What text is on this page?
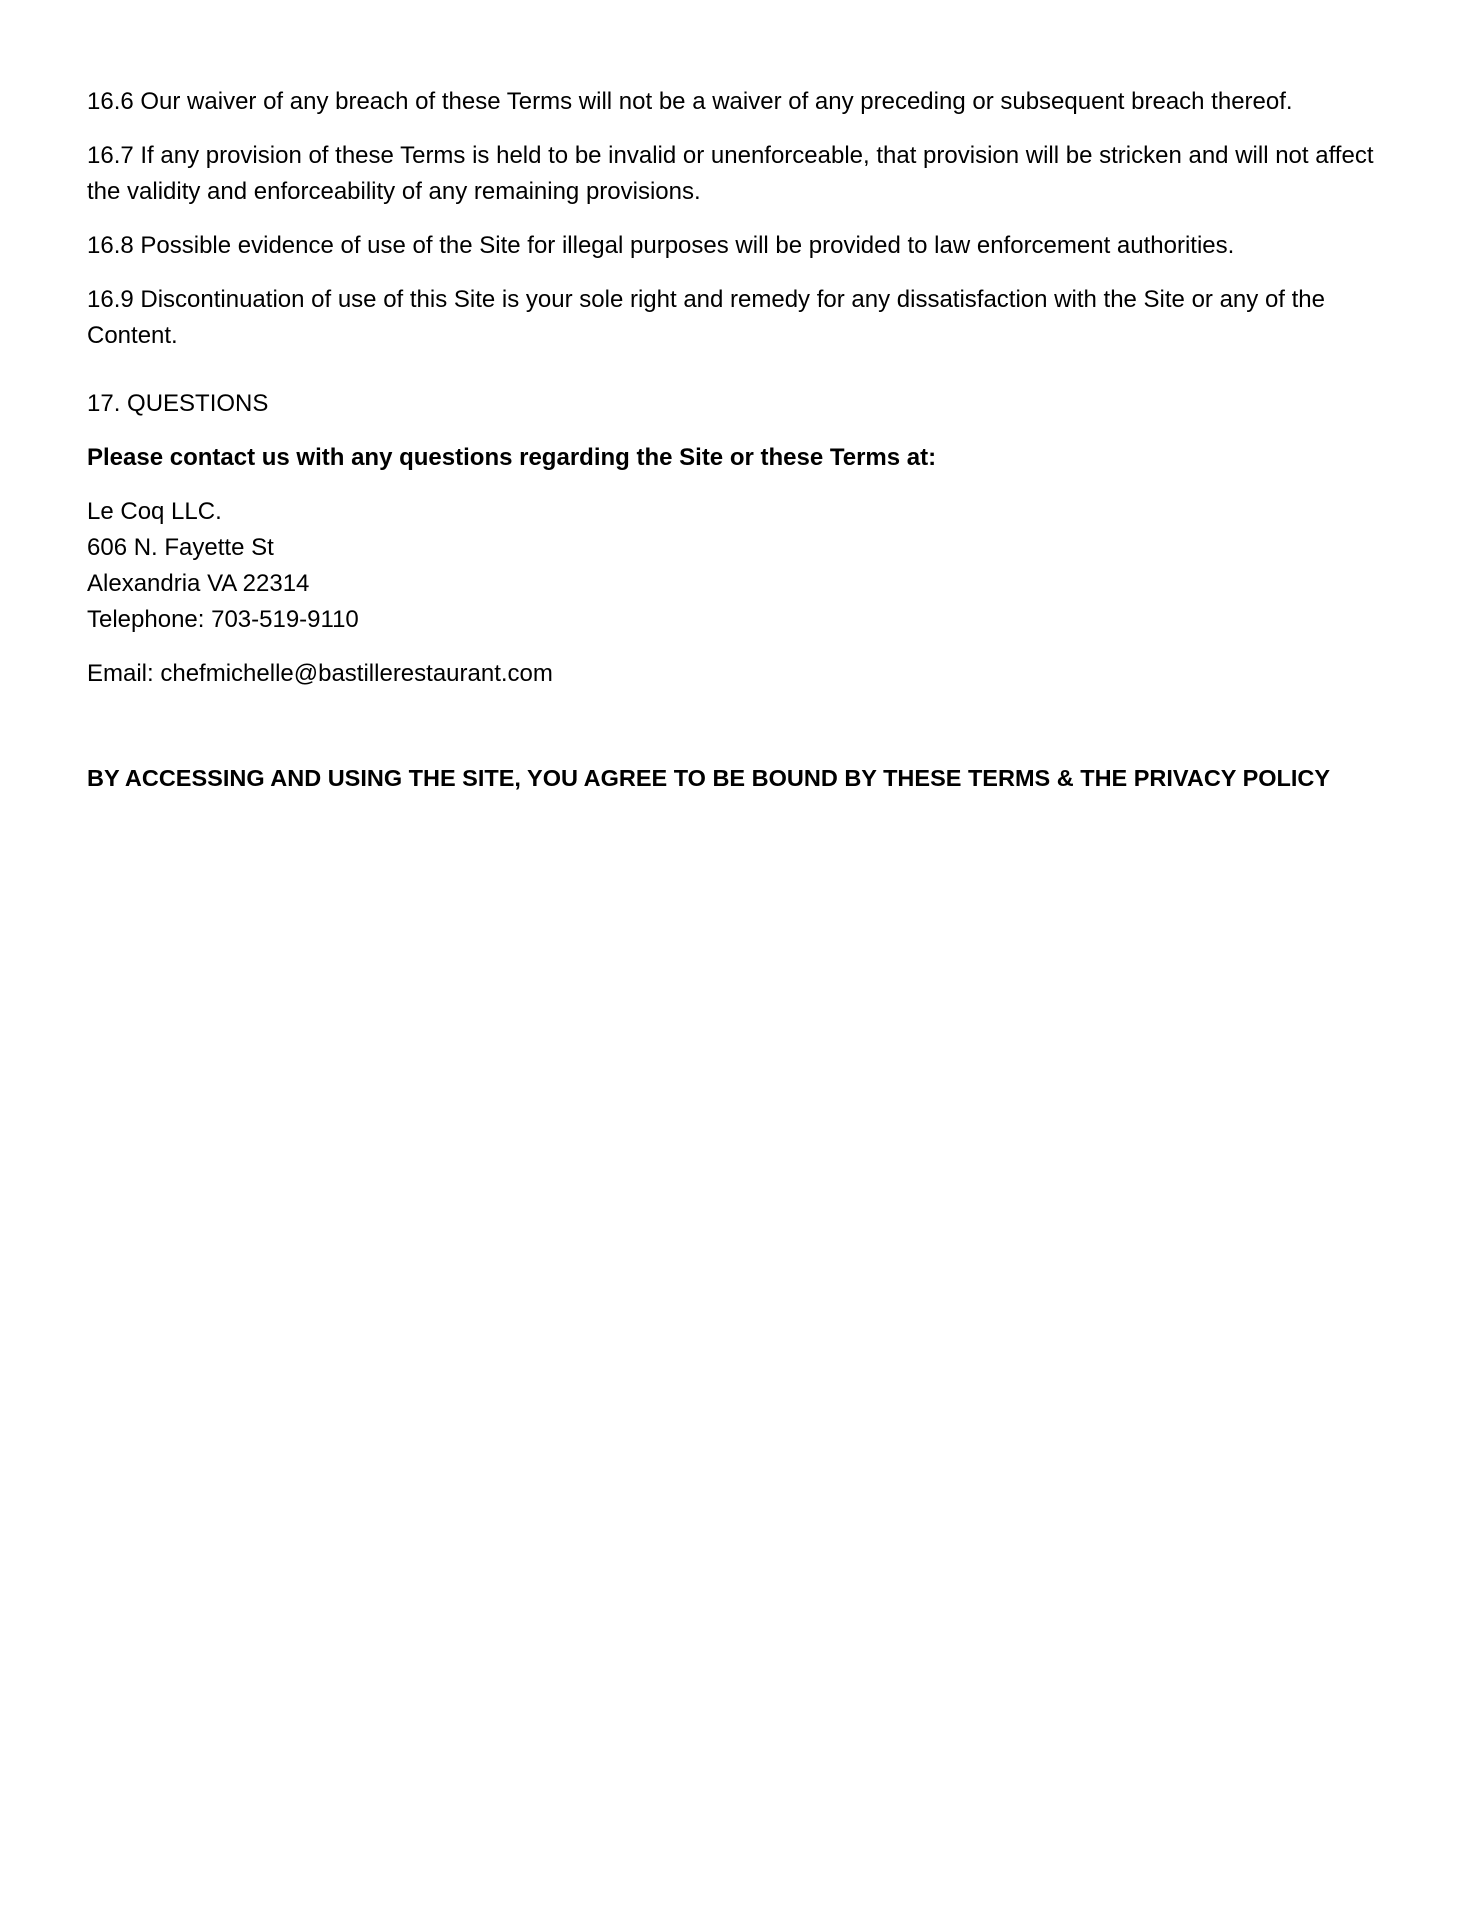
16.6 Our waiver of any breach of these Terms will not be a waiver of any preceding or subsequent breach thereof.

16.7 If any provision of these Terms is held to be invalid or unenforceable, that provision will be stricken and will not affect the validity and enforceability of any remaining provisions.

16.8 Possible evidence of use of the Site for illegal purposes will be provided to law enforcement authorities.

16.9 Discontinuation of use of this Site is your sole right and remedy for any dissatisfaction with the Site or any of the Content.

17. QUESTIONS

Please contact us with any questions regarding the Site or these Terms at:

Le Coq LLC.
606 N. Fayette St
Alexandria VA 22314
Telephone: 703-519-9110

Email: chefmichelle@bastillerestaurant.com

BY ACCESSING AND USING THE SITE, YOU AGREE TO BE BOUND BY THESE TERMS & THE PRIVACY POLICY
